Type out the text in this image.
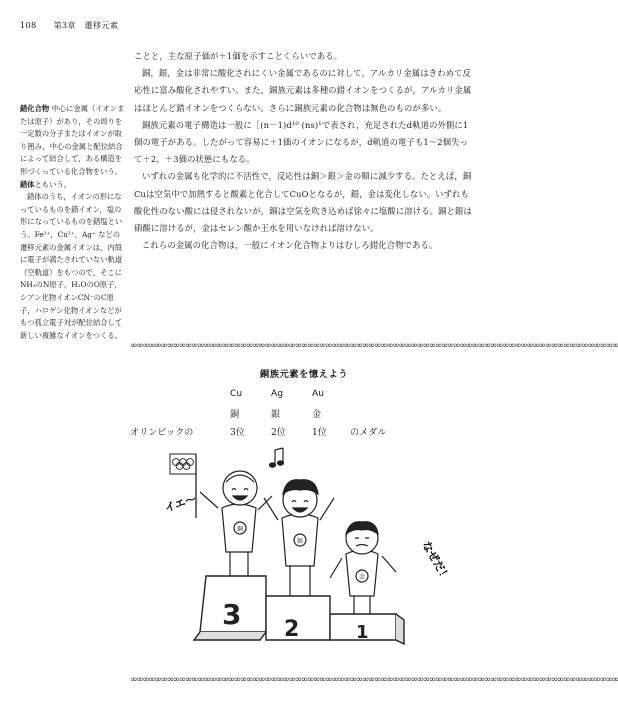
108 第3章　遷移元素

錯化合物 中心に金属（イオンまたは原子）があり，その周りを一定数の分子またはイオンが取り囲み，中心の金属と配位結合によって結合して，ある構造を形づくっている化合物をいう。錯体ともいう。

錯体のうち，イオンの形になっているものを錯イオン，塩の形になっているものを錯塩という。Fe²⁺，Cu²⁺，Ag⁺ などの遷移元素の金属イオンは，内殻に電子が満たされていない軌道（空軌道）をもつので，そこにNH₃のN原子，H₂OのO原子，シアン化物イオンCN⁻のC原子，ハロゲン化物イオンなどがもつ孤立電子対が配位結合して新しい複雑なイオンをつくる。

ことと，主な原子価が＋1価を示すことくらいである。

銅，銀，金は非常に酸化されにくい金属であるのに対して，アルカリ金属はきわめて反応性に富み酸化されやすい。また，銅族元素は多種の錯イオンをつくるが，アルカリ金属はほとんど錯イオンをつくらない。さらに銅族元素の化合物は無色のものが多い。

銅族元素の電子構造は一般に［(n－1)d¹⁰ (ns)¹で表され，充足されたd軌道の外側に1個の電子がある。したがって容易に＋1価のイオンになるが，d軌道の電子も1～2個失って＋2，＋3価の状態にもなる。

いずれの金属も化学的に不活性で，反応性は銅＞銀＞金の順に減少する。たとえば，銅Cuは空気中で加熱すると酸素と化合してCuOとなるが，銀，金は変化しない。いずれも酸化性のない酸には侵されないが，銅は空気を吹き込めば徐々に塩酸に溶ける。銅と銀は硝酸に溶けるが，金はセレン酸か王水を用いなければ溶けない。

これらの金属の化合物は，一般にイオン化合物よりはむしろ錯化合物である。

∞∞∞∞∞∞∞∞∞∞∞∞∞∞∞∞∞∞∞∞∞∞∞∞∞∞∞∞∞∞∞∞∞∞∞∞∞∞∞∞∞∞∞∞∞∞∞∞∞∞∞∞∞∞∞∞∞∞∞∞∞∞∞∞∞∞∞∞∞∞∞∞∞∞∞∞∞∞∞∞
銅族元素を憶えよう
Cu	Ag	Au
銅	銀	金
オリンピックの	3位	2位	1位	のメダル
イエ～
なぜだ！
銅
銀
金
3 2	1
∞∞∞∞∞∞∞∞∞∞∞∞∞∞∞∞∞∞∞∞∞∞∞∞∞∞∞∞∞∞∞∞∞∞∞∞∞∞∞∞∞∞∞∞∞∞∞∞∞∞∞∞∞∞∞∞∞∞∞∞∞∞∞∞∞∞∞∞∞∞∞∞∞∞∞∞∞∞∞∞
